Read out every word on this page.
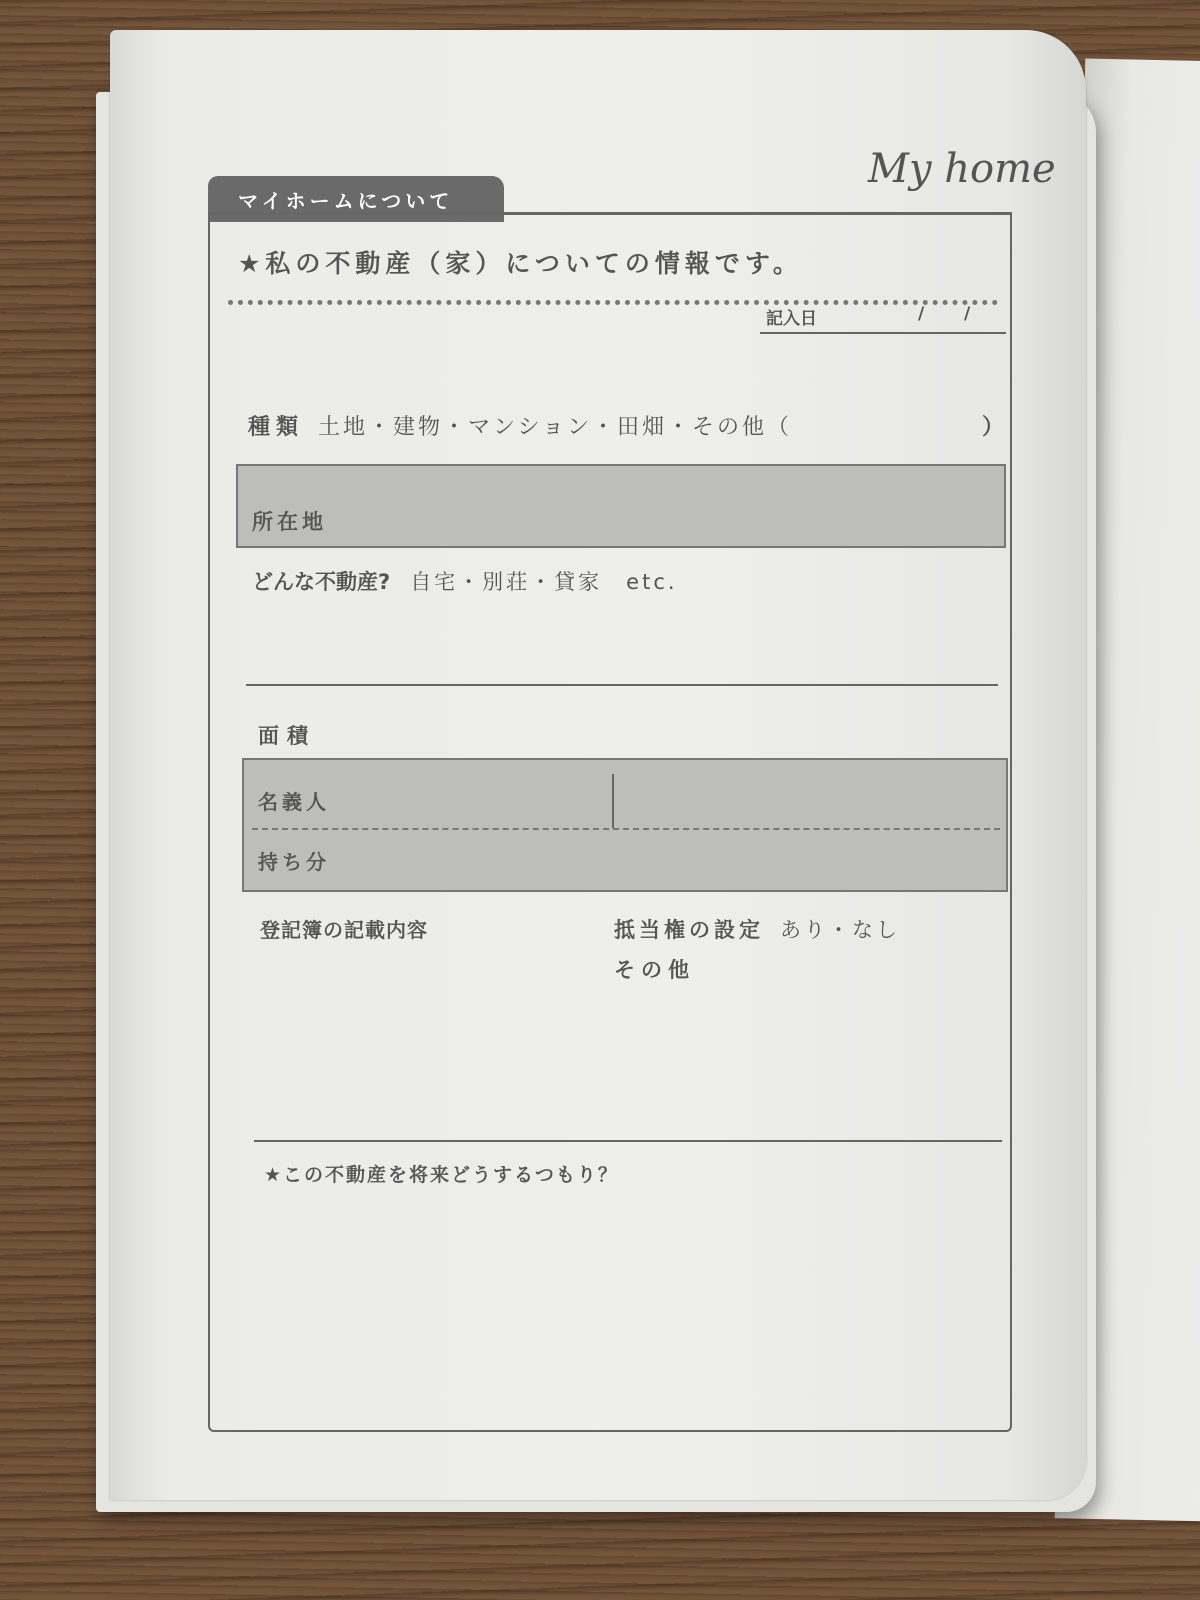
My home
マイホームについて
★私の不動産（家）についての情報です。
記入日	/ /
種類 土地・建物・マンション・田畑・その他（	）
所在地
どんな不動産? 自宅・別荘・貸家　etc.
面積
名義人
持ち分
登記簿の記載内容	抵当権の設定 あり・なし
その他
★この不動産を将来どうするつもり？
